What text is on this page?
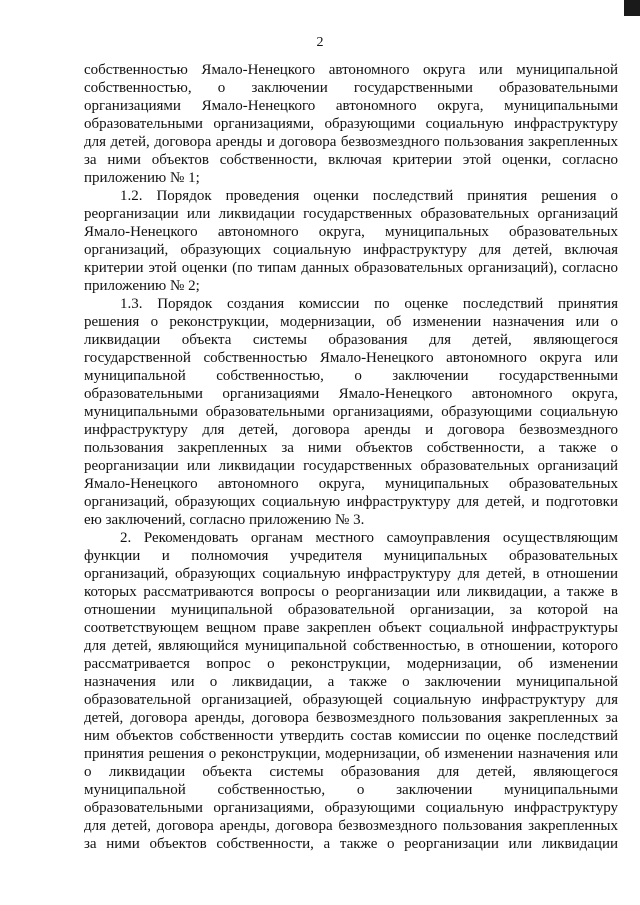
2
собственностью Ямало-Ненецкого автономного округа или муниципальной
собственностью, о заключении государственными образовательными
организациями Ямало-Ненецкого автономного округа, муниципальными
образовательными организациями, образующими социальную инфраструктуру
для детей, договора аренды и договора безвозмездного пользования закрепленных
за ними объектов собственности, включая критерии этой оценки, согласно
приложению № 1;
1.2. Порядок проведения оценки последствий принятия решения о
реорганизации или ликвидации государственных образовательных организаций
Ямало-Ненецкого автономного округа, муниципальных образовательных
организаций, образующих социальную инфраструктуру для детей, включая
критерии этой оценки (по типам данных образовательных организаций), согласно
приложению № 2;
1.3. Порядок создания комиссии по оценке последствий принятия
решения о реконструкции, модернизации, об изменении назначения или о
ликвидации объекта системы образования для детей, являющегося
государственной собственностью Ямало-Ненецкого автономного округа или
муниципальной собственностью, о заключении государственными
образовательными организациями Ямало-Ненецкого автономного округа,
муниципальными образовательными организациями, образующими социальную
инфраструктуру для детей, договора аренды и договора безвозмездного
пользования закрепленных за ними объектов собственности, а также о
реорганизации или ликвидации государственных образовательных организаций
Ямало-Ненецкого автономного округа, муниципальных образовательных
организаций, образующих социальную инфраструктуру для детей, и подготовки
ею заключений, согласно приложению № 3.
2. Рекомендовать органам местного самоуправления осуществляющим
функции и полномочия учредителя муниципальных образовательных
организаций, образующих социальную инфраструктуру для детей, в отношении
которых рассматриваются вопросы о реорганизации или ликвидации, а также в
отношении муниципальной образовательной организации, за которой на
соответствующем вещном праве закреплен объект социальной инфраструктуры
для детей, являющийся муниципальной собственностью, в отношении, которого
рассматривается вопрос о реконструкции, модернизации, об изменении
назначения или о ликвидации, а также о заключении муниципальной
образовательной организацией, образующей социальную инфраструктуру для
детей, договора аренды, договора безвозмездного пользования закрепленных за
ним объектов собственности утвердить состав комиссии по оценке последствий
принятия решения о реконструкции, модернизации, об изменении назначения или
о ликвидации объекта системы образования для детей, являющегося
муниципальной собственностью, о заключении муниципальными
образовательными организациями, образующими социальную инфраструктуру
для детей, договора аренды, договора безвозмездного пользования закрепленных
за ними объектов собственности, а также о реорганизации или ликвидации
